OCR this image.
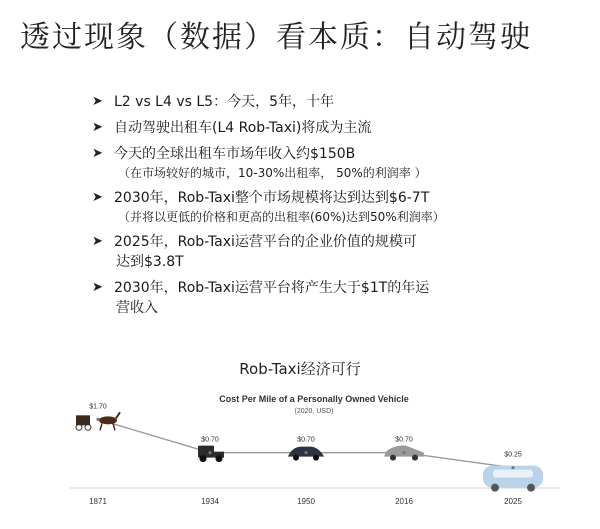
透过现象（数据）看本质：自动驾驶
➤ L2 vs L4 vs L5：今天，5年，十年
➤ 自动驾驶出租车(L4 Rob-Taxi)将成为主流
➤ 今天的全球出租车市场年收入约$150B
（在市场较好的城市，10-30%出租率， 50%的利润率 ）
➤ 2030年，Rob-Taxi整个市场规模将达到达到$6-7T
（并将以更低的价格和更高的出租率(60%)达到50%利润率）
➤ 2025年，Rob-Taxi运营平台的企业价值的规模可
达到$3.8T
➤ 2030年，Rob-Taxi运营平台将产生大于$1T的年运
营收入
Rob-Taxi经济可行
Cost Per Mile of a Personally Owned Vehicle
(2020, USD)
$1.70
1871
$0.70
1934
$0.70
1950
$0.70
2016
$0.25
2025
